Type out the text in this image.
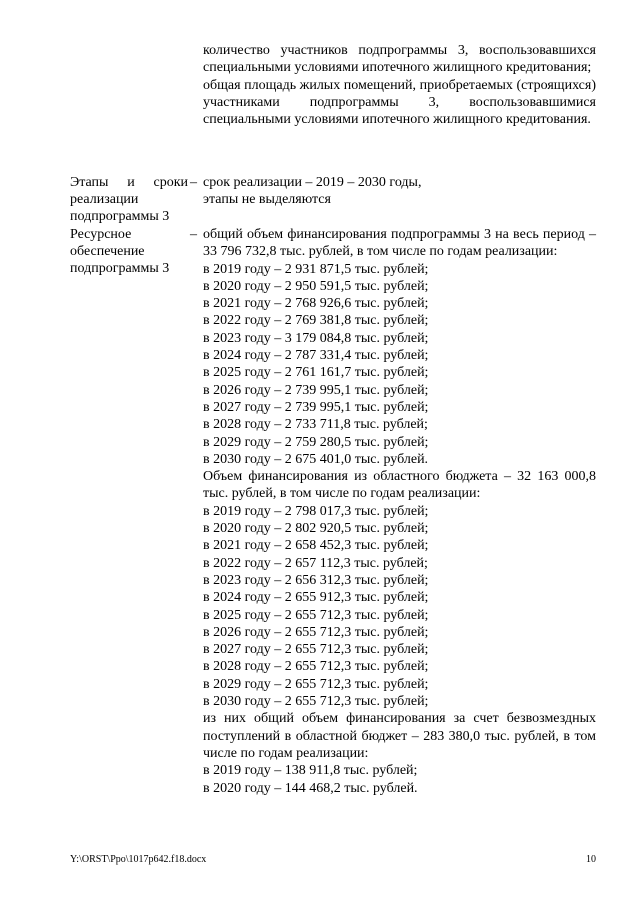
количество участников подпрограммы 3, воспользовавшихся специальными условиями ипотечного жилищного кредитования;
общая площадь жилых помещений, приобретаемых (строящихся) участниками подпрограммы 3, воспользовавшимися специальными условиями ипотечного жилищного кредитования.
Этапы и сроки
реализации
подпрограммы 3
– срок реализации – 2019 – 2030 годы,
этапы не выделяются
Ресурсное
обеспечение
подпрограммы 3
– общий объем финансирования подпрограммы 3 на весь период – 33 796 732,8 тыс. рублей, в том числе по годам реализации:
в 2019 году – 2 931 871,5 тыс. рублей;
в 2020 году – 2 950 591,5 тыс. рублей;
в 2021 году – 2 768 926,6 тыс. рублей;
в 2022 году – 2 769 381,8 тыс. рублей;
в 2023 году – 3 179 084,8 тыс. рублей;
в 2024 году – 2 787 331,4 тыс. рублей;
в 2025 году – 2 761 161,7 тыс. рублей;
в 2026 году – 2 739 995,1 тыс. рублей;
в 2027 году – 2 739 995,1 тыс. рублей;
в 2028 году – 2 733 711,8 тыс. рублей;
в 2029 году – 2 759 280,5 тыс. рублей;
в 2030 году – 2 675 401,0 тыс. рублей.
Объем финансирования из областного бюджета – 32 163 000,8 тыс. рублей, в том числе по годам реализации:
в 2019 году – 2 798 017,3 тыс. рублей;
в 2020 году – 2 802 920,5 тыс. рублей;
в 2021 году – 2 658 452,3 тыс. рублей;
в 2022 году – 2 657 112,3 тыс. рублей;
в 2023 году – 2 656 312,3 тыс. рублей;
в 2024 году – 2 655 912,3 тыс. рублей;
в 2025 году – 2 655 712,3 тыс. рублей;
в 2026 году – 2 655 712,3 тыс. рублей;
в 2027 году – 2 655 712,3 тыс. рублей;
в 2028 году – 2 655 712,3 тыс. рублей;
в 2029 году – 2 655 712,3 тыс. рублей;
в 2030 году – 2 655 712,3 тыс. рублей;
из них общий объем финансирования за счет безвозмездных поступлений в областной бюджет – 283 380,0 тыс. рублей, в том числе по годам реализации:
в 2019 году – 138 911,8 тыс. рублей;
в 2020 году – 144 468,2 тыс. рублей.
Y:\ORST\Ppo\1017p642.f18.docx	10
